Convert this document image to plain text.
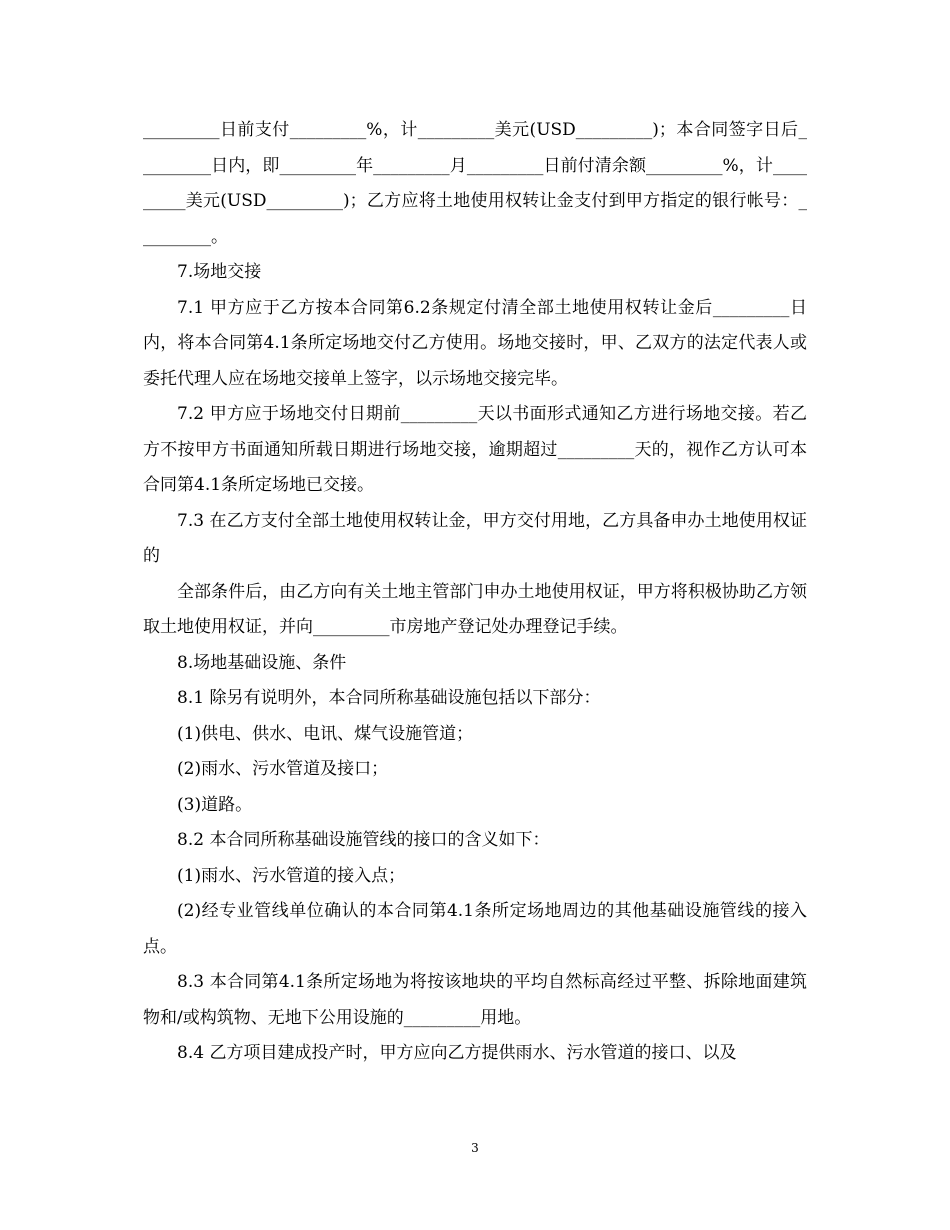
_________日前支付_________%，计_________美元(USD_________)；本合同签字日后_________日内，即_________年_________月_________日前付清余额_________%，计_________美元(USD_________)；乙方应将土地使用权转让金支付到甲方指定的银行帐号：_________。

7.场地交接

7.1 甲方应于乙方按本合同第6.2条规定付清全部土地使用权转让金后_________日内，将本合同第4.1条所定场地交付乙方使用。场地交接时，甲、乙双方的法定代表人或委托代理人应在场地交接单上签字，以示场地交接完毕。

7.2 甲方应于场地交付日期前_________天以书面形式通知乙方进行场地交接。若乙方不按甲方书面通知所载日期进行场地交接，逾期超过_________天的，视作乙方认可本合同第4.1条所定场地已交接。

7.3 在乙方支付全部土地使用权转让金，甲方交付用地，乙方具备申办土地使用权证的

全部条件后，由乙方向有关土地主管部门申办土地使用权证，甲方将积极协助乙方领取土地使用权证，并向_________市房地产登记处办理登记手续。

8.场地基础设施、条件

8.1 除另有说明外，本合同所称基础设施包括以下部分：

(1)供电、供水、电讯、煤气设施管道；

(2)雨水、污水管道及接口；

(3)道路。

8.2 本合同所称基础设施管线的接口的含义如下：

(1)雨水、污水管道的接入点；

(2)经专业管线单位确认的本合同第4.1条所定场地周边的其他基础设施管线的接入点。

8.3 本合同第4.1条所定场地为将按该地块的平均自然标高经过平整、拆除地面建筑物和/或构筑物、无地下公用设施的_________用地。

8.4 乙方项目建成投产时，甲方应向乙方提供雨水、污水管道的接口、以及

3
